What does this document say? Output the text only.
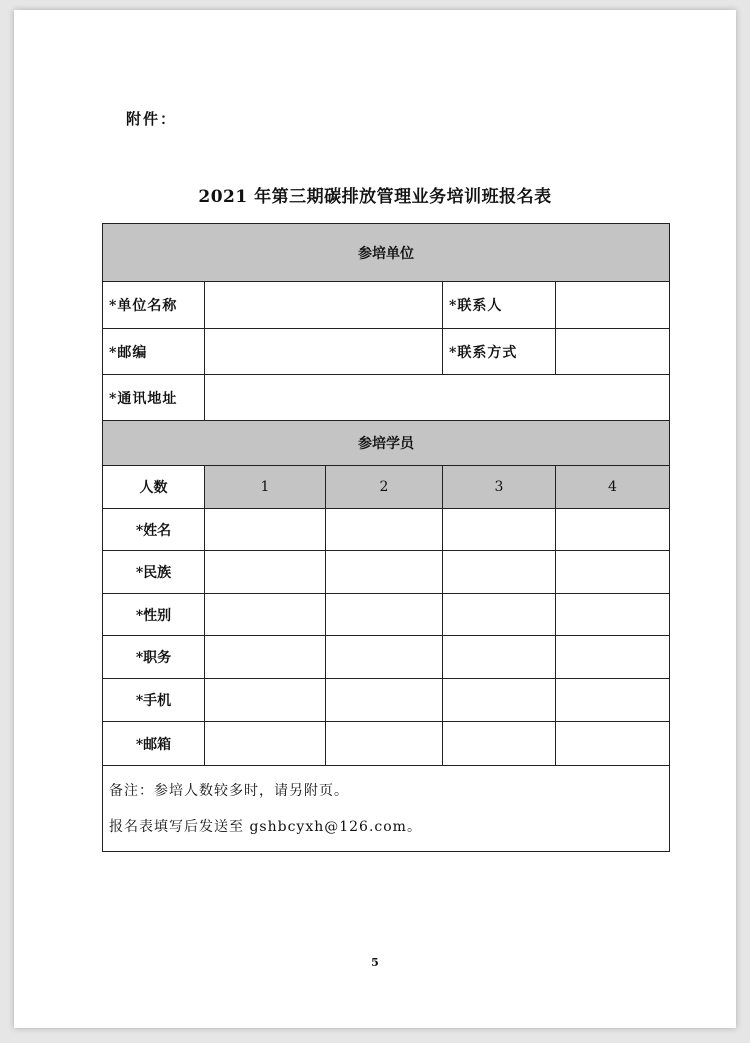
附件：
2021 年第三期碳排放管理业务培训班报名表
参培单位				
*单位名称			*联系人	
*邮编			*联系方式	
*通讯地址				
参培学员				
人数	1	2	3	4
*姓名				
*民族				
*性别				
*职务				
*手机				
*邮箱				

备注：参培人数较多时，请另附页。
报名表填写后发送至 gshbcyxh@126.com。				
5
